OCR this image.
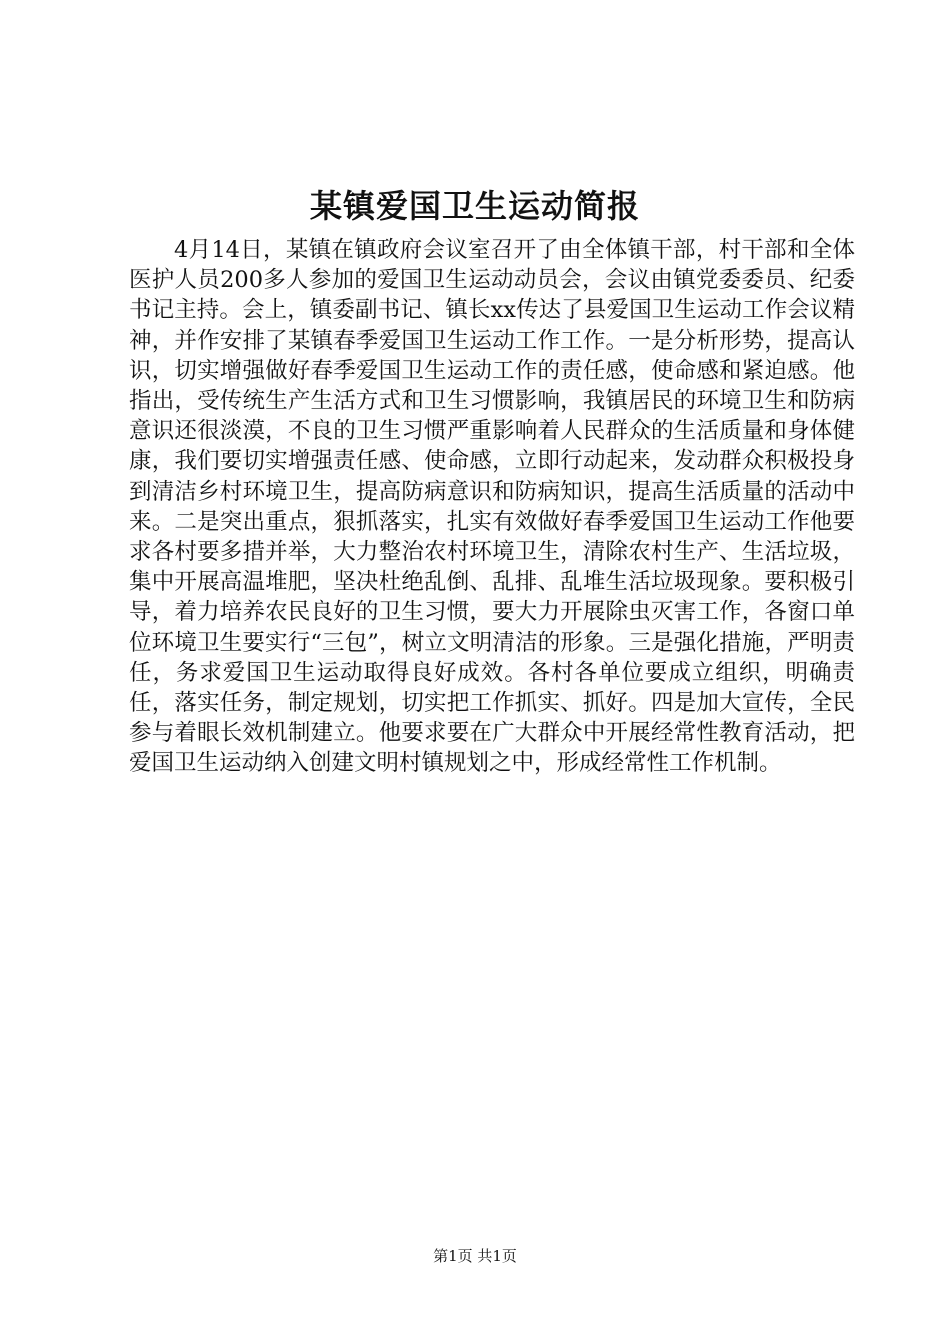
某镇爱国卫生运动简报

4月14日，某镇在镇政府会议室召开了由全体镇干部，村干部和全体医护人员200多人参加的爱国卫生运动动员会，会议由镇党委委员、纪委书记主持。会上，镇委副书记、镇长xx传达了县爱国卫生运动工作会议精神，并作安排了某镇春季爱国卫生运动工作工作。一是分析形势，提高认识，切实增强做好春季爱国卫生运动工作的责任感，使命感和紧迫感。他指出，受传统生产生活方式和卫生习惯影响，我镇居民的环境卫生和防病意识还很淡漠，不良的卫生习惯严重影响着人民群众的生活质量和身体健康，我们要切实增强责任感、使命感，立即行动起来，发动群众积极投身到清洁乡村环境卫生，提高防病意识和防病知识，提高生活质量的活动中来。二是突出重点，狠抓落实，扎实有效做好春季爱国卫生运动工作他要求各村要多措并举，大力整治农村环境卫生，清除农村生产、生活垃圾，集中开展高温堆肥，坚决杜绝乱倒、乱排、乱堆生活垃圾现象。要积极引导，着力培养农民良好的卫生习惯，要大力开展除虫灭害工作，各窗口单位环境卫生要实行“三包”，树立文明清洁的形象。三是强化措施，严明责任，务求爱国卫生运动取得良好成效。各村各单位要成立组织，明确责任，落实任务，制定规划，切实把工作抓实、抓好。四是加大宣传，全民参与着眼长效机制建立。他要求要在广大群众中开展经常性教育活动，把爱国卫生运动纳入创建文明村镇规划之中，形成经常性工作机制。

第1页 共1页
